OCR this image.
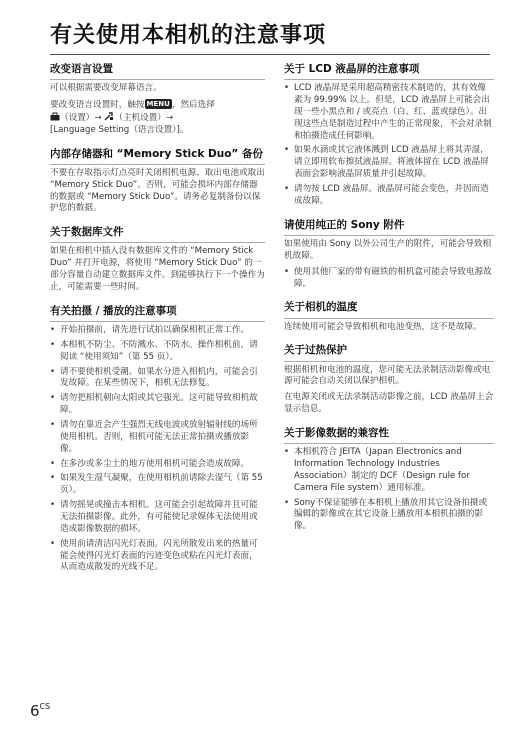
有关使用本相机的注意事项
改变语言设置

可以根据需要改变屏幕语言。

要改变语言设置时，触按 MENU ，然后选择
（设置）→ （主机设置）→
[Language Setting（语言设置）]。

内部存储器和 “Memory Stick Duo” 备份

不要在存取指示灯点亮时关闭相机电源、取出电池或取出 “Memory Stick Duo”。否则，可能会损坏内部存储器的数据或 “Memory Stick Duo”。请务必复制备份以保护您的数据。

关于数据库文件

如果在相机中插入没有数据库文件的 “Memory Stick Duo” 并打开电源，将使用 “Memory Stick Duo” 的一部分容量自动建立数据库文件。到能够执行下一个操作为止，可能需要一些时间。

有关拍摄 / 播放的注意事项
• 开始拍摄前，请先进行试拍以确保相机正常工作。
• 本相机不防尘、不防溅水、不防水。操作相机前，请阅读 “使用须知”（第 55 页）。
• 请不要使相机受潮。如果水分进入相机内，可能会引发故障。在某些情况下，相机无法修复。
• 请勿把相机朝向太阳或其它强光。这可能导致相机故障。
• 请勿在靠近会产生强烈无线电波或放射辐射线的场所使用相机。否则，相机可能无法正常拍摄或播放影像。
• 在多沙或多尘土的地方使用相机可能会造成故障。
• 如果发生湿气凝聚，在使用相机前请除去湿气（第 55 页）。
• 请勿摇晃或撞击本相机。这可能会引起故障并且可能无法拍摄影像。此外，有可能使记录媒体无法使用或造成影像数据的损坏。
• 使用前请清洁闪光灯表面。闪光所散发出来的热量可能会使得闪光灯表面的污迹变色或粘在闪光灯表面，从而造成散发的光线不足。
关于 LCD 液晶屏的注意事项
• LCD 液晶屏是采用超高精密技术制造的，其有效像素为 99.99% 以上。但是，LCD 液晶屏上可能会出现一些小黑点和 / 或亮点（白、红、蓝或绿色）。出现这些点是制造过程中产生的正常现象，不会对录制和拍摄造成任何影响。
• 如果水滴或其它液体溅到 LCD 液晶屏上将其弄湿，请立即用软布擦拭液晶屏。将液体留在 LCD 液晶屏表面会影响液晶屏质量并引起故障。
• 请勿按 LCD 液晶屏。液晶屏可能会变色，并因而造成故障。
请使用纯正的 Sony 附件

如果使用由 Sony 以外公司生产的附件，可能会导致相机故障。

• 使用其他厂家的带有磁铁的相机盒可能会导致电源故障。
关于相机的温度

连续使用可能会导致相机和电池变热，这不是故障。

关于过热保护

根据相机和电池的温度，您可能无法录制活动影像或电源可能会自动关闭以保护相机。

在电源关闭或无法录制活动影像之前，LCD 液晶屏上会显示信息。

关于影像数据的兼容性
• 本相机符合 JEITA（Japan Electronics and Information Technology Industries Association）制定的 DCF（Design rule for Camera File system）通用标准。
• Sony不保证能够在本相机上播放用其它设备拍摄或编辑的影像或在其它设备上播放用本相机拍摄的影像。
$6^{CS}$
